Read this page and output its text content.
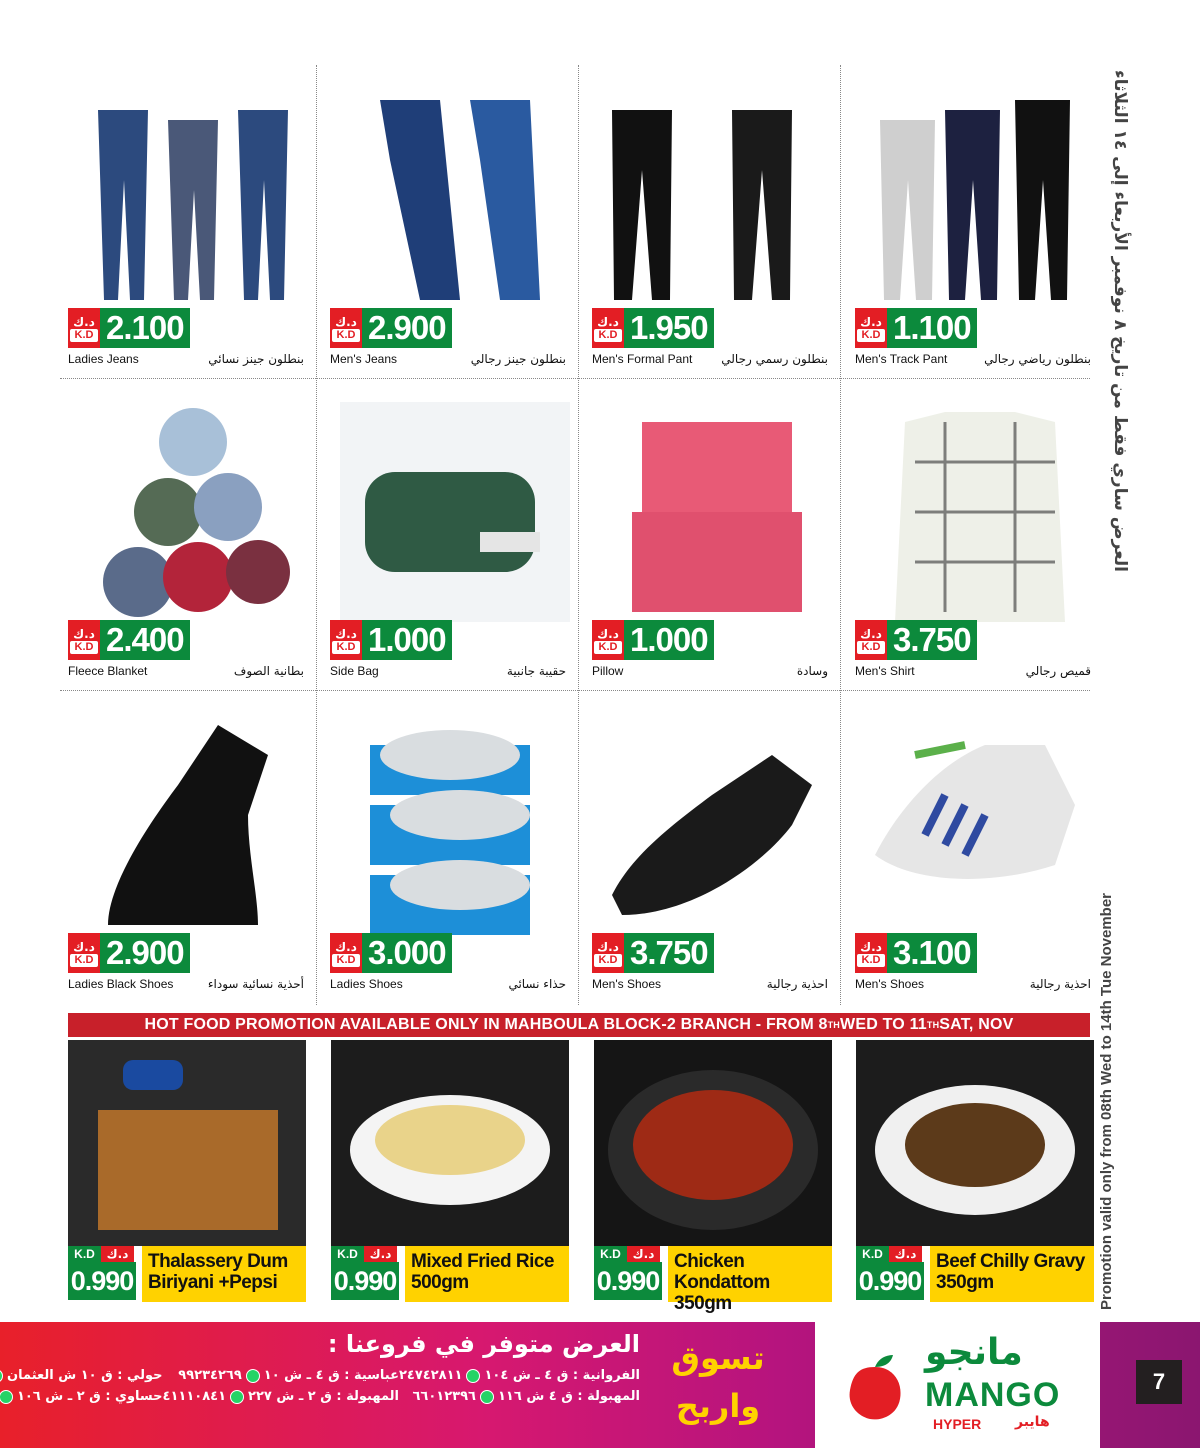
العرض ساري فقط من تاريخ ٨ نوفمبر الأربعاء إلى ١٤ الثلاثاء
Promotion valid only from 08th Wed to 14th Tue November
د.ك
K.D 2.100
Ladies Jeans	بنطلون جينز نسائي
د.ك
K.D 2.900
Men's Jeans	بنطلون جينز رجالي
د.ك
K.D 1.950
Men's Formal Pant بنطلون رسمي رجالي
د.ك
K.D 1.100
Men's Track Pant	بنطلون رياضي رجالي
د.ك
K.D 2.400
Fleece Blanket	بطانية الصوف
د.ك
K.D 1.000
Side Bag	حقيبة جانبية
د.ك
K.D 1.000
Pillow	وسادة
د.ك
K.D 3.750
Men's Shirt	قميص رجالي
د.ك
K.D 2.900
Ladies Black Shoes	أحذية نسائية سوداء
د.ك
K.D 3.000
Ladies Shoes	حذاء نسائي
د.ك
K.D 3.750
Men's Shoes	احذية رجالية
د.ك
K.D 3.100
Men's Shoes	احذية رجالية
HOT FOOD PROMOTION AVAILABLE ONLY IN MAHBOULA BLOCK-2 BRANCH - FROM 8 TH WED TO 11 TH SAT, NOV
K.D د.ك
0.990
Thalassery Dum Biriyani +Pepsi
K.D د.ك
0.990
Mixed Fried Rice 500gm
K.D د.ك
0.990
Chicken Kondattom 350gm
K.D د.ك
0.990
Beef Chilly Gravy 350gm
العرض متوفر في فروعنا :
الفروانية : ق ٤ ـ ش ١٠٤
٢٤٧٤٢٨١١
عباسية : ق ٤ ـ ش ١٠
٩٩٢٣٤٢٦٩
حولي : ق ١٠ ش العثمان
المهبولة : ق ٤ ش ١١٦
٦٦٠١٢٣٩٦
المهبولة : ق ٢ ـ ش ٢٢٧
٤١١١٠٨٤١
حساوي : ق ٢ ـ ش ١٠٦
تسوق
واربح
مانجو
MANGO
HYPER هايبر
7
